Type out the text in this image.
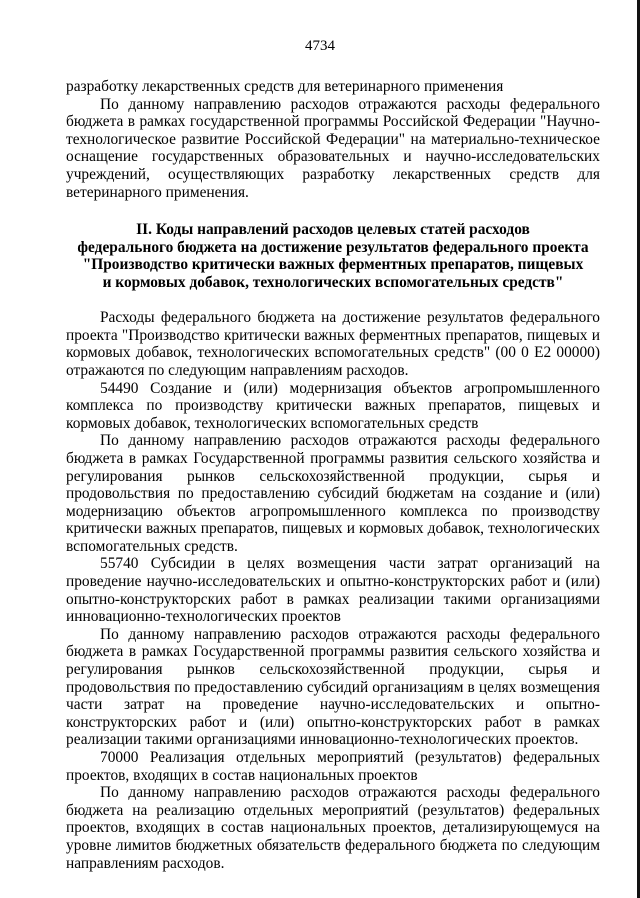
4734

разработку лекарственных средств для ветеринарного применения

По данному направлению расходов отражаются расходы федерального бюджета в рамках государственной программы Российской Федерации "Научно-технологическое развитие Российской Федерации" на материально-техническое оснащение государственных образовательных и научно-исследовательских учреждений, осуществляющих разработку лекарственных средств для ветеринарного применения.

II. Коды направлений расходов целевых статей расходов
федерального бюджета на достижение результатов федерального проекта
"Производство критически важных ферментных препаратов, пищевых
и кормовых добавок, технологических вспомогательных средств"

Расходы федерального бюджета на достижение результатов федерального проекта "Производство критически важных ферментных препаратов, пищевых и кормовых добавок, технологических вспомогательных средств" (00 0 Е2 00000) отражаются по следующим направлениям расходов.

54490 Создание и (или) модернизация объектов агропромышленного комплекса по производству критически важных препаратов, пищевых и кормовых добавок, технологических вспомогательных средств

По данному направлению расходов отражаются расходы федерального бюджета в рамках Государственной программы развития сельского хозяйства и регулирования рынков сельскохозяйственной продукции, сырья и продовольствия по предоставлению субсидий бюджетам на создание и (или) модернизацию объектов агропромышленного комплекса по производству критически важных препаратов, пищевых и кормовых добавок, технологических вспомогательных средств.

55740 Субсидии в целях возмещения части затрат организаций на проведение научно-исследовательских и опытно-конструкторских работ и (или) опытно-конструкторских работ в рамках реализации такими организациями инновационно-технологических проектов

По данному направлению расходов отражаются расходы федерального бюджета в рамках Государственной программы развития сельского хозяйства и регулирования рынков сельскохозяйственной продукции, сырья и продовольствия по предоставлению субсидий организациям в целях возмещения части затрат на проведение научно-исследовательских и опытно-конструкторских работ и (или) опытно-конструкторских работ в рамках реализации такими организациями инновационно-технологических проектов.

70000 Реализация отдельных мероприятий (результатов) федеральных проектов, входящих в состав национальных проектов

По данному направлению расходов отражаются расходы федерального бюджета на реализацию отдельных мероприятий (результатов) федеральных проектов, входящих в состав национальных проектов, детализирующемуся на уровне лимитов бюджетных обязательств федерального бюджета по следующим направлениям расходов.
